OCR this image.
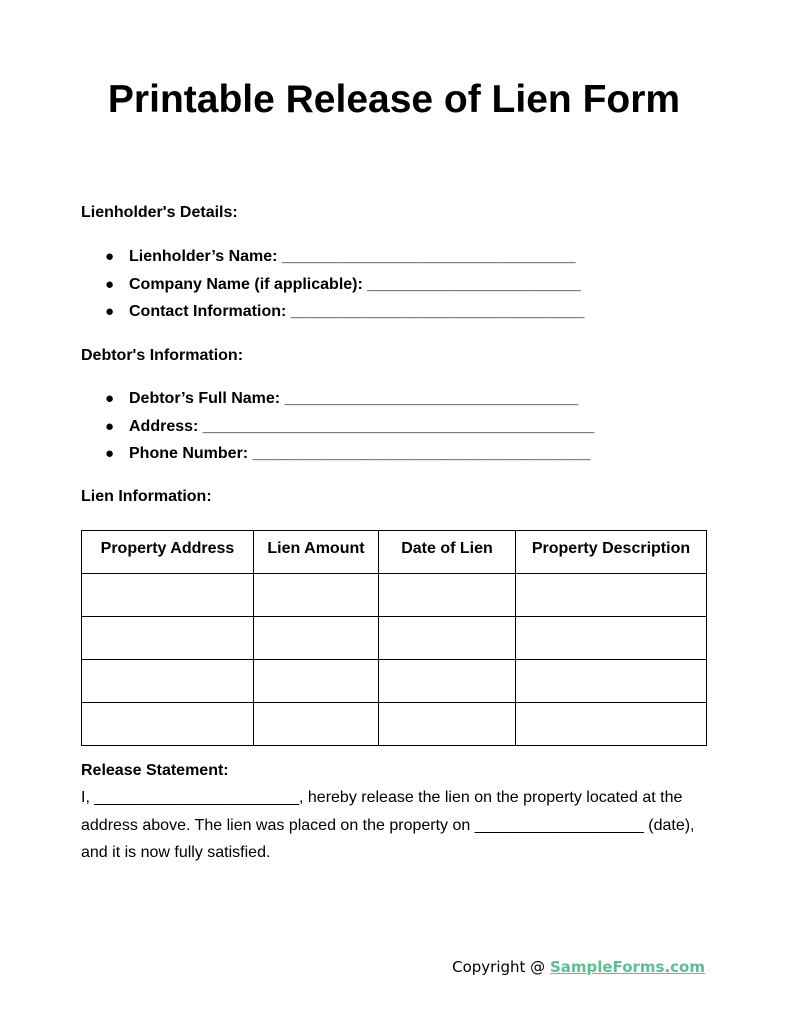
Printable Release of Lien Form
Lienholder's Details:
● Lienholder’s Name: _________________________________
● Company Name (if applicable): ________________________
● Contact Information: _________________________________
Debtor's Information:
● Debtor’s Full Name: _________________________________
● Address: ____________________________________________
● Phone Number: ______________________________________
Lien Information:
Property Address	Lien Amount	Date of Lien	Property Description

Release Statement:

I, _______________________, hereby release the lien on the property located at the address above. The lien was placed on the property on ___________________ (date), and it is now fully satisfied.

Copyright @ SampleForms.com
